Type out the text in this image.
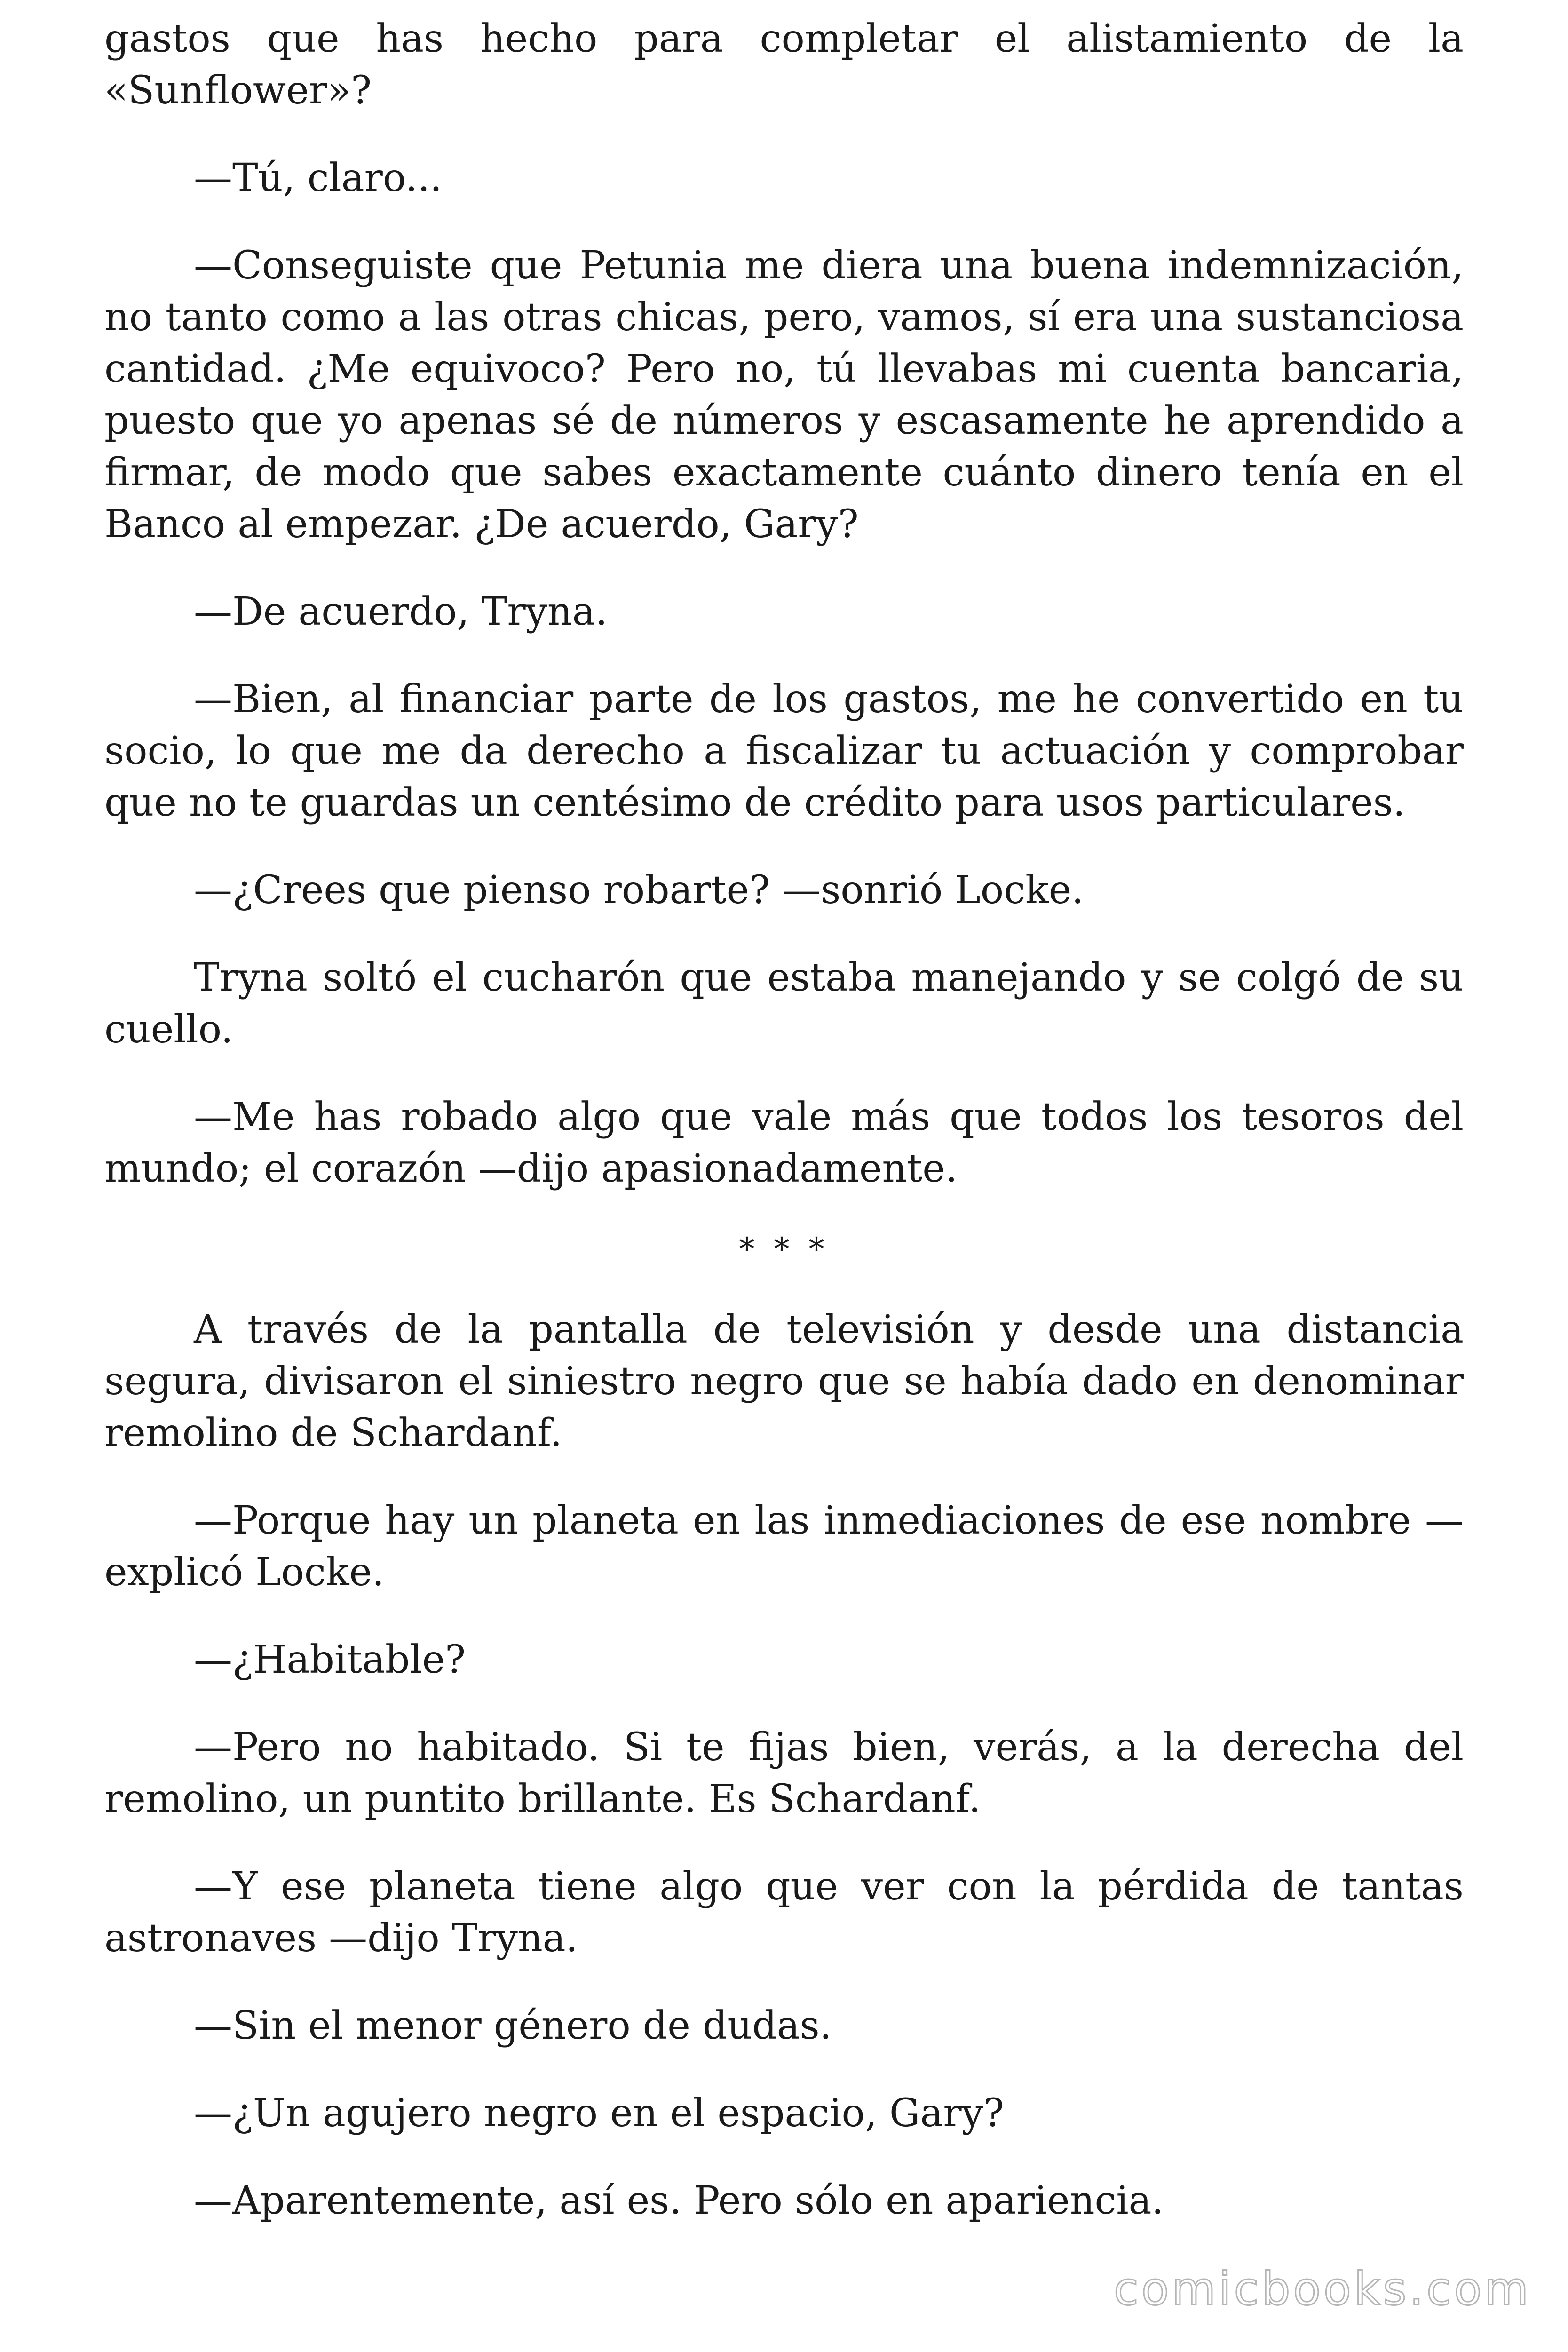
gastos que has hecho para completar el alistamiento de la «Sunflower»?

—Tú, claro...

—Conseguiste que Petunia me diera una buena indemnización, no tanto como a las otras chicas, pero, vamos, sí era una sustanciosa cantidad. ¿Me equivoco? Pero no, tú llevabas mi cuenta bancaria, puesto que yo apenas sé de números y escasamente he aprendido a firmar, de modo que sabes exactamente cuánto dinero tenía en el Banco al empezar. ¿De acuerdo, Gary?

—De acuerdo, Tryna.

—Bien, al financiar parte de los gastos, me he convertido en tu socio, lo que me da derecho a fiscalizar tu actuación y comprobar que no te guardas un centésimo de crédito para usos particulares.

—¿Crees que pienso robarte? —sonrió Locke.

Tryna soltó el cucharón que estaba manejando y se colgó de su cuello.

—Me has robado algo que vale más que todos los tesoros del mundo; el corazón —dijo apasionadamente.

* * *

A través de la pantalla de televisión y desde una distancia segura, divisaron el siniestro negro que se había dado en denominar remolino de Schardanf.

—Porque hay un planeta en las inmediaciones de ese nombre —explicó Locke.

—¿Habitable?

—Pero no habitado. Si te fijas bien, verás, a la derecha del remolino, un puntito brillante. Es Schardanf.

—Y ese planeta tiene algo que ver con la pérdida de tantas astronaves —dijo Tryna.

—Sin el menor género de dudas.

—¿Un agujero negro en el espacio, Gary?

—Aparentemente, así es. Pero sólo en apariencia.

comicbooks.com
